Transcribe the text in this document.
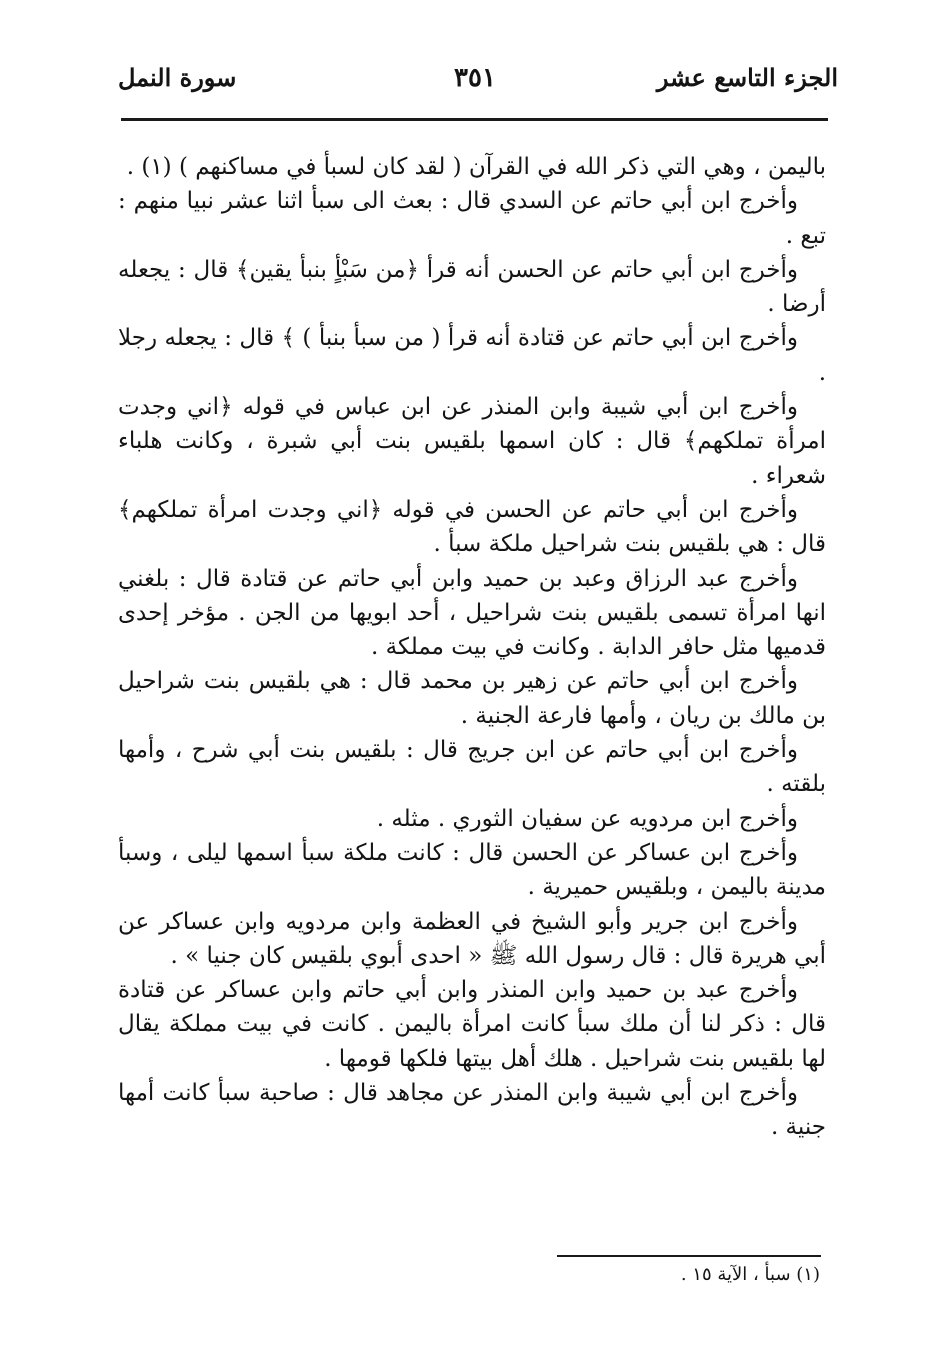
الجزء التاسع عشر
٣٥١
سورة النمل

باليمن ، وهي التي ذكر الله في القرآن ( لقد كان لسبأ في مساكنهم ) (١) .

وأخرج ابن أبي حاتم عن السدي قال : بعث الى سبأ اثنا عشر نبيا منهم : تبع .

وأخرج ابن أبي حاتم عن الحسن أنه قرأ ﴿من سَبْأٍ بنبأ يقين﴾ قال : يجعله أرضا .

وأخرج ابن أبي حاتم عن قتادة أنه قرأ ( من سبأ بنبأ ) ﴾ قال : يجعله رجلا .

وأخرج ابن أبي شيبة وابن المنذر عن ابن عباس في قوله ﴿اني وجدت امرأة تملكهم﴾ قال : كان اسمها بلقيس بنت أبي شبرة ، وكانت هلباء شعراء .

وأخرج ابن أبي حاتم عن الحسن في قوله ﴿اني وجدت امرأة تملكهم﴾ قال : هي بلقيس بنت شراحيل ملكة سبأ .

وأخرج عبد الرزاق وعبد بن حميد وابن أبي حاتم عن قتادة قال : بلغني انها امرأة تسمى بلقيس بنت شراحيل ، أحد ابويها من الجن . مؤخر إحدى قدميها مثل حافر الدابة . وكانت في بيت مملكة .

وأخرج ابن أبي حاتم عن زهير بن محمد قال : هي بلقيس بنت شراحيل بن مالك بن ريان ، وأمها فارعة الجنية .

وأخرج ابن أبي حاتم عن ابن جريج قال : بلقيس بنت أبي شرح ، وأمها بلقته .

وأخرج ابن مردويه عن سفيان الثوري . مثله .

وأخرج ابن عساكر عن الحسن قال : كانت ملكة سبأ اسمها ليلى ، وسبأ مدينة باليمن ، وبلقيس حميرية .

وأخرج ابن جرير وأبو الشيخ في العظمة وابن مردويه وابن عساكر عن أبي هريرة قال : قال رسول الله ﷺ « احدى أبوي بلقيس كان جنيا » .

وأخرج عبد بن حميد وابن المنذر وابن أبي حاتم وابن عساكر عن قتادة قال : ذكر لنا أن ملك سبأ كانت امرأة باليمن . كانت في بيت مملكة يقال لها بلقيس بنت شراحيل . هلك أهل بيتها فلكها قومها .

وأخرج ابن أبي شيبة وابن المنذر عن مجاهد قال : صاحبة سبأ كانت أمها جنية .

(١) سبأ ، الآية ١٥ .
